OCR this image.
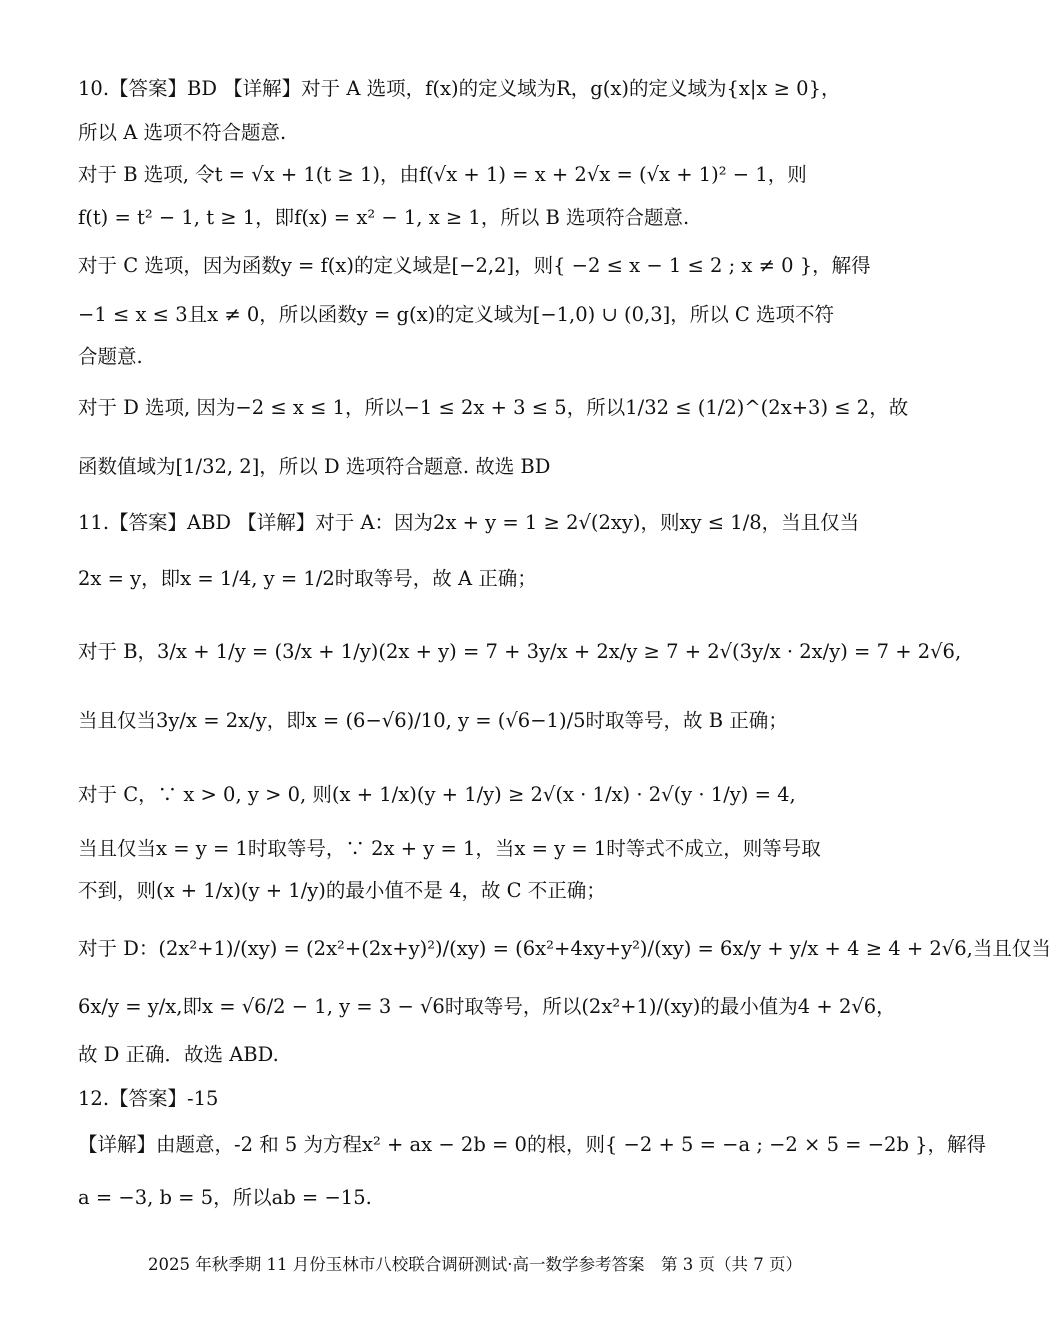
10.【答案】BD 【详解】对于 A 选项，f(x)的定义域为R，g(x)的定义域为{x|x ≥ 0}，
所以 A 选项不符合题意.
对于 B 选项, 令t = √x + 1(t ≥ 1)，由f(√x + 1) = x + 2√x = (√x + 1)² − 1，则
f(t) = t² − 1, t ≥ 1，即f(x) = x² − 1, x ≥ 1，所以 B 选项符合题意.
对于 C 选项，因为函数y = f(x)的定义域是[−2,2]，则{ −2 ≤ x − 1 ≤ 2 ; x ≠ 0 }，解得
−1 ≤ x ≤ 3且x ≠ 0，所以函数y = g(x)的定义域为[−1,0) ∪ (0,3]，所以 C 选项不符
合题意.
对于 D 选项, 因为−2 ≤ x ≤ 1，所以−1 ≤ 2x + 3 ≤ 5，所以1/32 ≤ (1/2)^(2x+3) ≤ 2，故
函数值域为[1/32, 2]，所以 D 选项符合题意. 故选 BD
11.【答案】ABD 【详解】对于 A：因为2x + y = 1 ≥ 2√(2xy)，则xy ≤ 1/8，当且仅当
2x = y，即x = 1/4, y = 1/2时取等号，故 A 正确；
对于 B，3/x + 1/y = (3/x + 1/y)(2x + y) = 7 + 3y/x + 2x/y ≥ 7 + 2√(3y/x · 2x/y) = 7 + 2√6,
当且仅当3y/x = 2x/y，即x = (6−√6)/10, y = (√6−1)/5时取等号，故 B 正确；
对于 C，∵ x > 0, y > 0, 则(x + 1/x)(y + 1/y) ≥ 2√(x · 1/x) · 2√(y · 1/y) = 4,
当且仅当x = y = 1时取等号，∵ 2x + y = 1，当x = y = 1时等式不成立，则等号取
不到，则(x + 1/x)(y + 1/y)的最小值不是 4，故 C 不正确；
对于 D：(2x²+1)/(xy) = (2x²+(2x+y)²)/(xy) = (6x²+4xy+y²)/(xy) = 6x/y + y/x + 4 ≥ 4 + 2√6,当且仅当
6x/y = y/x,即x = √6/2 − 1, y = 3 − √6时取等号，所以(2x²+1)/(xy)的最小值为4 + 2√6，
故 D 正确．故选 ABD.
12.【答案】-15
【详解】由题意，-2 和 5 为方程x² + ax − 2b = 0的根，则{ −2 + 5 = −a ; −2 × 5 = −2b }，解得
a = −3, b = 5，所以ab = −15.
2025 年秋季期 11 月份玉林市八校联合调研测试·高一数学参考答案　第 3 页（共 7 页）
